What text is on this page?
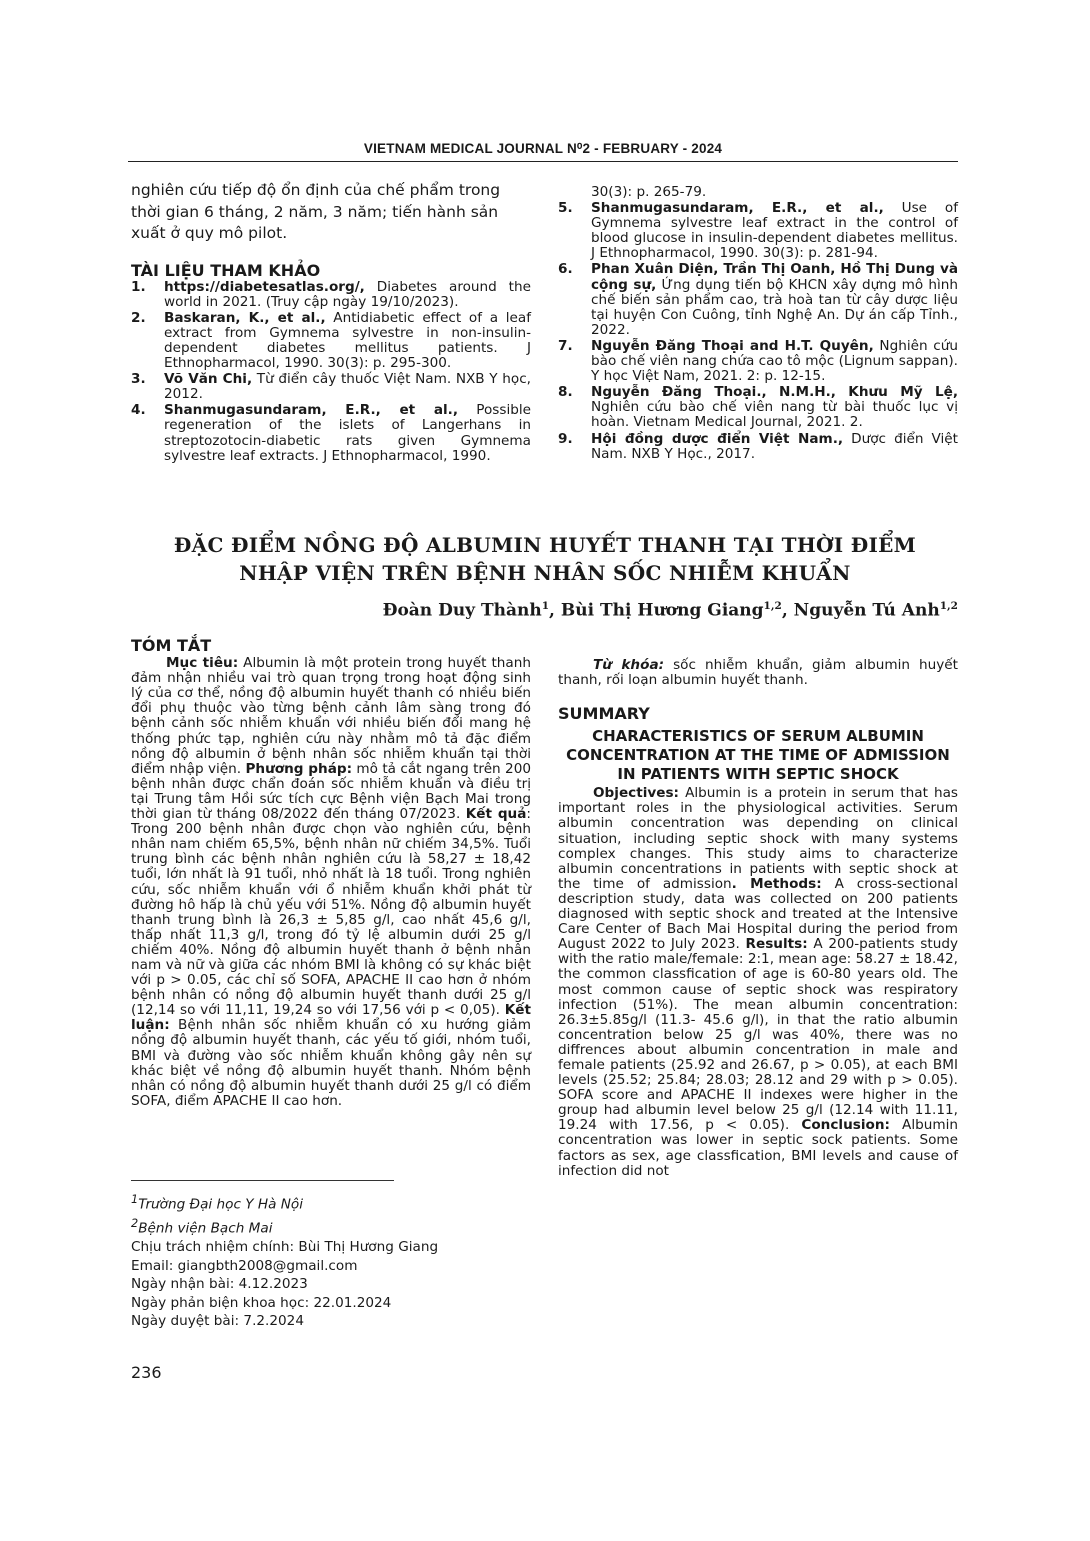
VIETNAM MEDICAL JOURNAL N⁰2 - FEBRUARY - 2024

nghiên cứu tiếp độ ổn định của chế phẩm trong thời gian 6 tháng, 2 năm, 3 năm; tiến hành sản xuất ở quy mô pilot.

TÀI LIỆU THAM KHẢO
1.	https://diabetesatlas.org/, Diabetes around the world in 2021. (Truy cập ngày 19/10/2023).
2.	Baskaran, K., et al., Antidiabetic effect of a leaf extract from Gymnema sylvestre in non-insulin-dependent diabetes mellitus patients. J Ethnopharmacol, 1990. 30(3): p. 295-300.
3.	Võ Văn Chi, Từ điển cây thuốc Việt Nam. NXB Y học, 2012.
4.	Shanmugasundaram, E.R., et al., Possible regeneration of the islets of Langerhans in streptozotocin-diabetic rats given Gymnema sylvestre leaf extracts. J Ethnopharmacol, 1990.
30(3): p. 265-79.
5.	Shanmugasundaram, E.R., et al., Use of Gymnema sylvestre leaf extract in the control of blood glucose in insulin-dependent diabetes mellitus. J Ethnopharmacol, 1990. 30(3): p. 281-94.
6.	Phan Xuân Diện, Trần Thị Oanh, Hồ Thị Dung và cộng sự, Ứng dụng tiến bộ KHCN xây dựng mô hình chế biến sản phẩm cao, trà hoà tan từ cây dược liệu tại huyện Con Cuông, tỉnh Nghệ An. Dự án cấp Tỉnh., 2022.
7.	Nguyễn Đăng Thoại and H.T. Quyên, Nghiên cứu bào chế viên nang chứa cao tô mộc (Lignum sappan). Y học Việt Nam, 2021. 2: p. 12-15.
8.	Nguyễn Đăng Thoại., N.M.H., Khưu Mỹ Lệ, Nghiên cứu bào chế viên nang từ bài thuốc lục vị hoàn. Vietnam Medical Journal, 2021. 2.
9.	Hội đồng dược điển Việt Nam., Dược điển Việt Nam. NXB Y Học., 2017.
ĐẶC ĐIỂM NỒNG ĐỘ ALBUMIN HUYẾT THANH TẠI THỜI ĐIỂM
NHẬP VIỆN TRÊN BỆNH NHÂN SỐC NHIỄM KHUẨN
Đoàn Duy Thành$^1$, Bùi Thị Hương Giang$^{1,2}$, Nguyễn Tú Anh$^{1,2}$
TÓM TẮT

Mục tiêu: Albumin là một protein trong huyết thanh đảm nhận nhiều vai trò quan trọng trong hoạt động sinh lý của cơ thể, nồng độ albumin huyết thanh có nhiều biến đổi phụ thuộc vào từng bệnh cảnh lâm sàng trong đó bệnh cảnh sốc nhiễm khuẩn với nhiều biến đổi mang hệ thống phức tạp, nghiên cứu này nhằm mô tả đặc điểm nồng độ albumin ở bệnh nhân sốc nhiễm khuẩn tại thời điểm nhập viện. Phương pháp: mô tả cắt ngang trên 200 bệnh nhân được chẩn đoán sốc nhiễm khuẩn và điều trị tại Trung tâm Hồi sức tích cực Bệnh viện Bạch Mai trong thời gian từ tháng 08/2022 đến tháng 07/2023. Kết quả: Trong 200 bệnh nhân được chọn vào nghiên cứu, bệnh nhân nam chiếm 65,5%, bệnh nhân nữ chiếm 34,5%. Tuổi trung bình các bệnh nhân nghiên cứu là 58,27 ± 18,42 tuổi, lớn nhất là 91 tuổi, nhỏ nhất là 18 tuổi. Trong nghiên cứu, sốc nhiễm khuẩn với ổ nhiễm khuẩn khởi phát từ đường hô hấp là chủ yếu với 51%. Nồng độ albumin huyết thanh trung bình là 26,3 ± 5,85 g/l, cao nhất 45,6 g/l, thấp nhất 11,3 g/l, trong đó tỷ lệ albumin dưới 25 g/l chiếm 40%. Nồng độ albumin huyết thanh ở bệnh nhân nam và nữ và giữa các nhóm BMI là không có sự khác biệt với p > 0.05, các chỉ số SOFA, APACHE II cao hơn ở nhóm bệnh nhân có nồng độ albumin huyết thanh dưới 25 g/l (12,14 so với 11,11, 19,24 so với 17,56 với p < 0,05). Kết luận: Bệnh nhân sốc nhiễm khuẩn có xu hướng giảm nồng độ albumin huyết thanh, các yếu tố giới, nhóm tuổi, BMI và đường vào sốc nhiễm khuẩn không gây nên sự khác biệt về nồng độ albumin huyết thanh. Nhóm bệnh nhân có nồng độ albumin huyết thanh dưới 25 g/l có điểm SOFA, điểm APACHE II cao hơn.

Từ khóa: sốc nhiễm khuẩn, giảm albumin huyết thanh, rối loạn albumin huyết thanh.

SUMMARY
CHARACTERISTICS OF SERUM ALBUMIN CONCENTRATION AT THE TIME OF ADMISSION IN PATIENTS WITH SEPTIC SHOCK

Objectives: Albumin is a protein in serum that has important roles in the physiological activities. Serum albumin concentration was depending on clinical situation, including septic shock with many systems complex changes. This study aims to characterize albumin concentrations in patients with septic shock at the time of admission. Methods: A cross-sectional description study, data was collected on 200 patients diagnosed with septic shock and treated at the Intensive Care Center of Bach Mai Hospital during the period from August 2022 to July 2023. Results: A 200-patients study with the ratio male/female: 2:1, mean age: 58.27 ± 18.42, the common classfication of age is 60-80 years old. The most common cause of septic shock was respiratory infection (51%). The mean albumin concentration: 26.3±5.85g/l (11.3- 45.6 g/l), in that the ratio albumin concentration below 25 g/l was 40%, there was no diffrences about albumin concentration in male and female patients (25.92 and 26.67, p > 0.05), at each BMI levels (25.52; 25.84; 28.03; 28.12 and 29 with p > 0.05). SOFA score and APACHE II indexes were higher in the group had albumin level below 25 g/l (12.14 with 11.11, 19.24 with 17.56, p < 0.05). Conclusion: Albumin concentration was lower in septic sock patients. Some factors as sex, age classfication, BMI levels and cause of infection did not

$^1$Trường Đại học Y Hà Nội
$^2$Bệnh viện Bạch Mai
Chịu trách nhiệm chính: Bùi Thị Hương Giang
Email: giangbth2008@gmail.com
Ngày nhận bài: 4.12.2023
Ngày phản biện khoa học: 22.01.2024
Ngày duyệt bài: 7.2.2024
236
